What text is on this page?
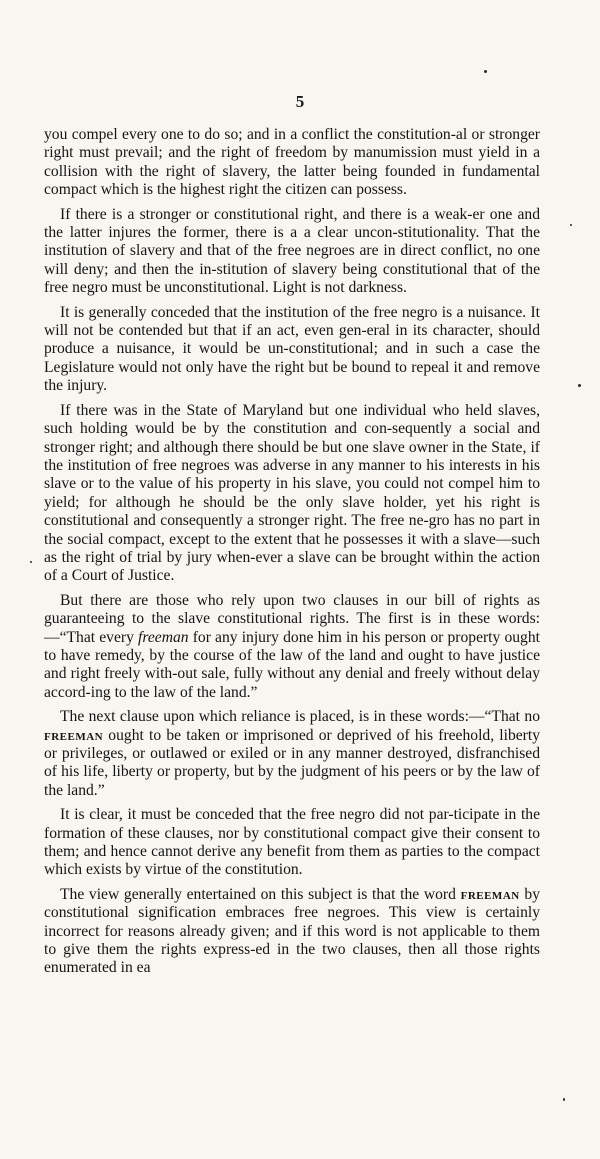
5

you compel every one to do so; and in a conflict the constitution-al or stronger right must prevail; and the right of freedom by manumission must yield in a collision with the right of slavery, the latter being founded in fundamental compact which is the highest right the citizen can possess.

If there is a stronger or constitutional right, and there is a weak-er one and the latter injures the former, there is a a clear uncon-stitutionality. That the institution of slavery and that of the free negroes are in direct conflict, no one will deny; and then the in-stitution of slavery being constitutional that of the free negro must be unconstitutional. Light is not darkness.

It is generally conceded that the institution of the free negro is a nuisance. It will not be contended but that if an act, even gen-eral in its character, should produce a nuisance, it would be un-constitutional; and in such a case the Legislature would not only have the right but be bound to repeal it and remove the injury.

If there was in the State of Maryland but one individual who held slaves, such holding would be by the constitution and con-sequently a social and stronger right; and although there should be but one slave owner in the State, if the institution of free negroes was adverse in any manner to his interests in his slave or to the value of his property in his slave, you could not compel him to yield; for although he should be the only slave holder, yet his right is constitutional and consequently a stronger right. The free ne-gro has no part in the social compact, except to the extent that he possesses it with a slave—such as the right of trial by jury when-ever a slave can be brought within the action of a Court of Justice.

But there are those who rely upon two clauses in our bill of rights as guaranteeing to the slave constitutional rights. The first is in these words:—“That every freeman for any injury done him in his person or property ought to have remedy, by the course of the law of the land and ought to have justice and right freely with-out sale, fully without any denial and freely without delay accord-ing to the law of the land.”

The next clause upon which reliance is placed, is in these words:—“That no freeman ought to be taken or imprisoned or deprived of his freehold, liberty or privileges, or outlawed or exiled or in any manner destroyed, disfranchised of his life, liberty or property, but by the judgment of his peers or by the law of the land.”

It is clear, it must be conceded that the free negro did not par-ticipate in the formation of these clauses, nor by constitutional compact give their consent to them; and hence cannot derive any benefit from them as parties to the compact which exists by virtue of the constitution.

The view generally entertained on this subject is that the word freeman by constitutional signification embraces free negroes. This view is certainly incorrect for reasons already given; and if this word is not applicable to them to give them the rights express-ed in the two clauses, then all those rights enumerated in ea
